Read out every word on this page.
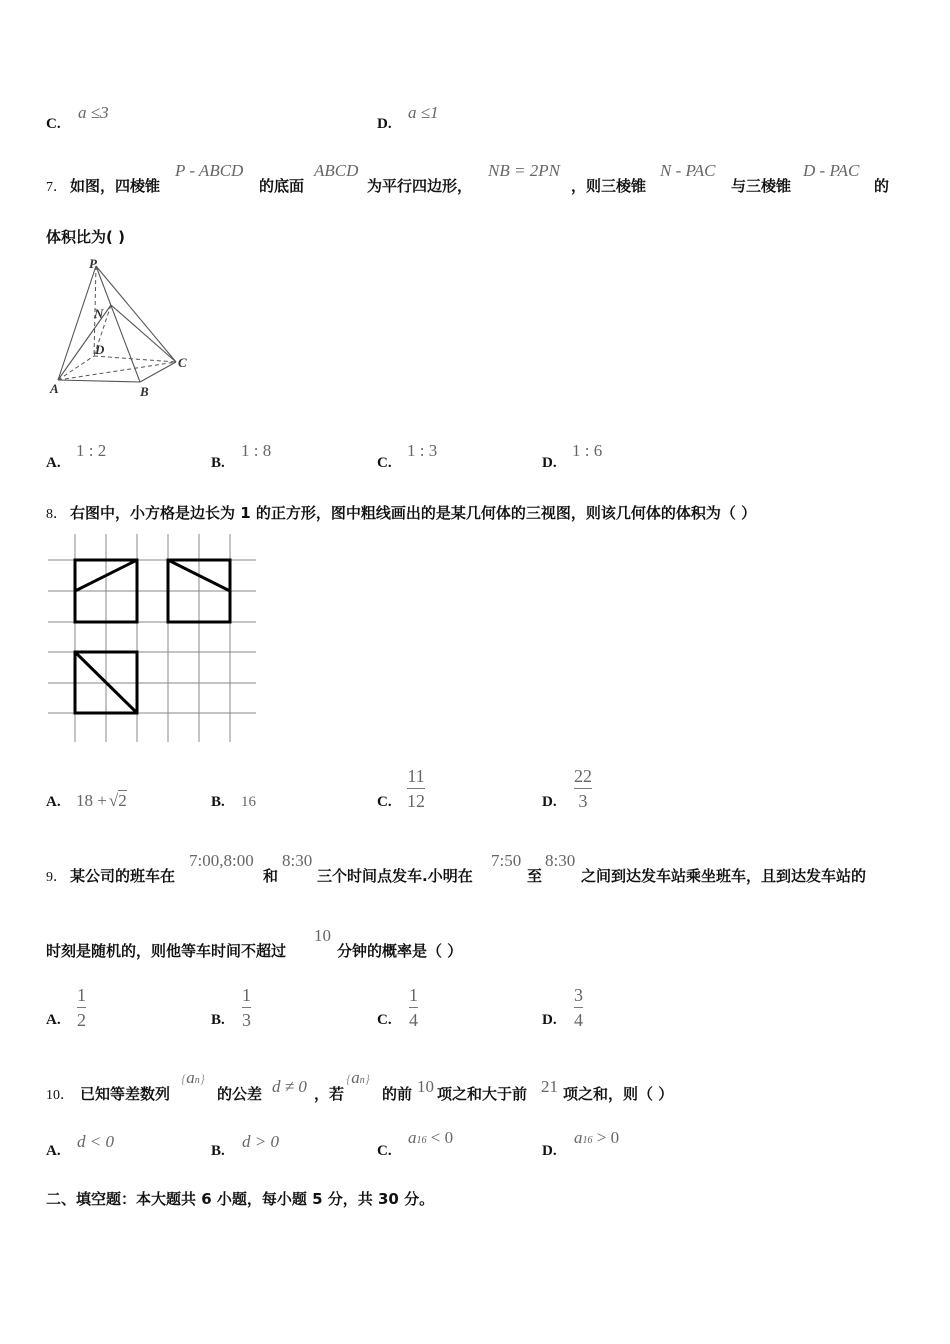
C.
a ≤3
D.
a ≤1
7． 如图，四棱锥
P - ABCD
的底面
ABCD
为平行四边形，
NB = 2PN
，则三棱锥
N - PAC
与三棱锥
D - PAC
的
体积比为( )
P
N
D
C
A	B
A.
1 : 2
B.
1 : 8
C.
1 : 3
D.
1 : 6
8． 右图中，小方格是边长为 1 的正方形，图中粗线画出的是某几何体的三视图，则该几何体的体积为（ ）
A. 18 + √2	B. 16	C.
11
12	D.
22
3
9． 某公司的班车在
7:00,8:00
和
8:30
三个时间点发车.小明在
7:50
至
8:30
之间到达发车站乘坐班车，且到达发车站的
时刻是随机的，则他等车时间不超过
10
分钟的概率是（ ）
A.
1
2	B.
1
3	C.
1
4	D.
3
4
10． 已知等差数列
{an}
的公差 d ≠ 0 ，若
{an}
的前 10 项之和大于前 21 项之和，则（ ）
A. d < 0	B. d > 0	C.
a16 < 0
D.
a16 > 0
二、填空题：本大题共 6 小题，每小题 5 分，共 30 分。
